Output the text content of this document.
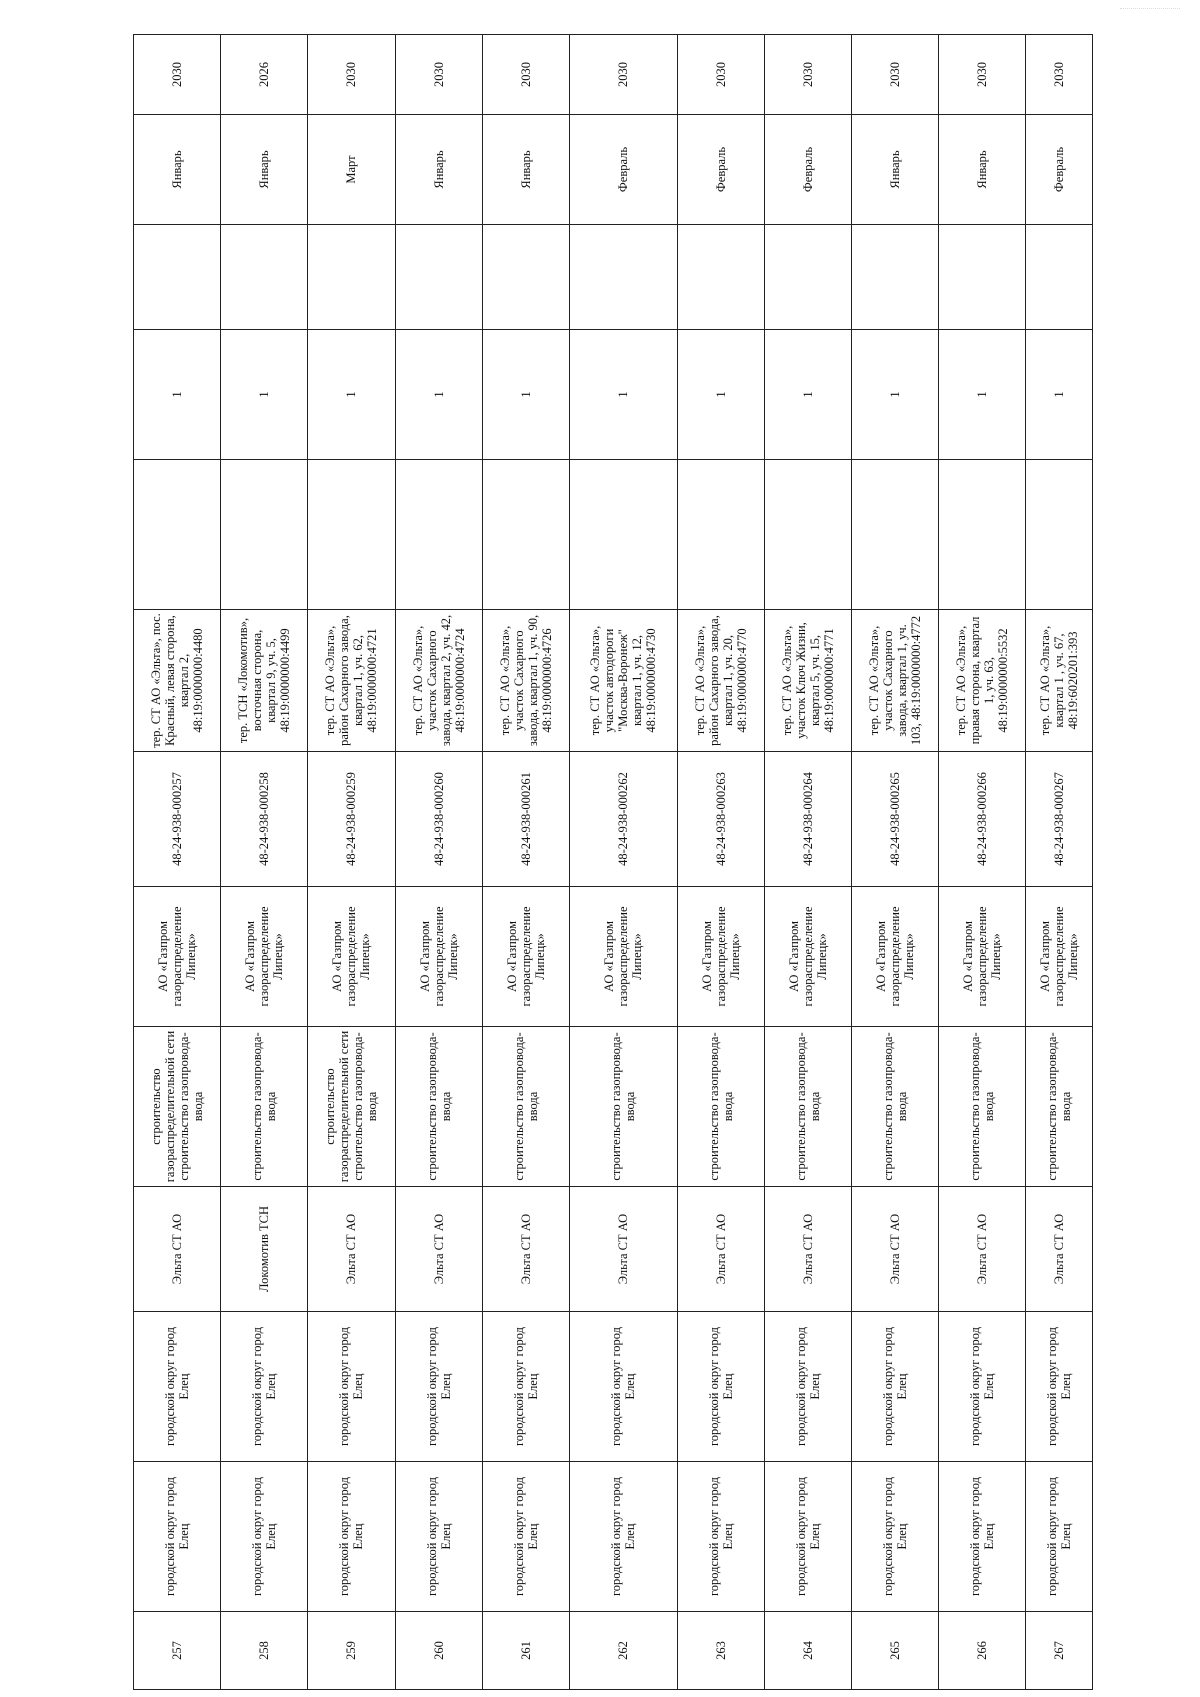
257	городской округ город Елец	городской округ город Елец	Эльта СТ АО	строительство газораспределительной сети строительство газопровода-ввода	АО «Газпром газораспределение Липецк»	48-24-938-000257	тер. СТ АО «Эльта», пос. Красный, левая сторона, квартал 2, 48:19:0000000:4480		1		Январь	2030
258	городской округ город Елец	городской округ город Елец	Локомотив ТСН	строительство газопровода-ввода	АО «Газпром газораспределение Липецк»	48-24-938-000258	тер. ТСН «Локомотив», восточная сторона, квартал 9, уч. 5, 48:19:0000000:4499		1		Январь	2026
259	городской округ город Елец	городской округ город Елец	Эльта СТ АО	строительство газораспределительной сети строительство газопровода-ввода	АО «Газпром газораспределение Липецк»	48-24-938-000259	тер. СТ АО «Эльта», район Сахарного завода, квартал 1, уч. 62, 48:19:0000000:4721		1		Март	2030
260	городской округ город Елец	городской округ город Елец	Эльта СТ АО	строительство газопровода-ввода	АО «Газпром газораспределение Липецк»	48-24-938-000260	тер. СТ АО «Эльта», участок Сахарного завода, квартал 2, уч. 42, 48:19:0000000:4724		1		Январь	2030
261	городской округ город Елец	городской округ город Елец	Эльта СТ АО	строительство газопровода-ввода	АО «Газпром газораспределение Липецк»	48-24-938-000261	тер. СТ АО «Эльта», участок Сахарного завода, квартал 1, уч. 90, 48:19:0000000:4726		1		Январь	2030
262	городской округ город Елец	городской округ город Елец	Эльта СТ АО	строительство газопровода-ввода	АО «Газпром газораспределение Липецк»	48-24-938-000262	тер. СТ АО «Эльта», участок автодороги "Москва-Воронеж" квартал 1, уч. 12, 48:19:0000000:4730		1		Февраль	2030
263	городской округ город Елец	городской округ город Елец	Эльта СТ АО	строительство газопровода-ввода	АО «Газпром газораспределение Липецк»	48-24-938-000263	тер. СТ АО «Эльта», район Сахарного завода, квартал 1, уч. 20, 48:19:0000000:4770		1		Февраль	2030
264	городской округ город Елец	городской округ город Елец	Эльта СТ АО	строительство газопровода-ввода	АО «Газпром газораспределение Липецк»	48-24-938-000264	тер. СТ АО «Эльта», участок Ключ Жизни, квартал 5, уч. 15, 48:19:0000000:4771		1		Февраль	2030
265	городской округ город Елец	городской округ город Елец	Эльта СТ АО	строительство газопровода-ввода	АО «Газпром газораспределение Липецк»	48-24-938-000265	тер. СТ АО «Эльта», участок Сахарного завода, квартал 1, уч. 103, 48:19:0000000:4772		1		Январь	2030
266	городской округ город Елец	городской округ город Елец	Эльта СТ АО	строительство газопровода-ввода	АО «Газпром газораспределение Липецк»	48-24-938-000266	тер. СТ АО «Эльта», правая сторона, квартал 1, уч. 63, 48:19:0000000:5532		1		Январь	2030
267	городской округ город Елец	городской округ город Елец	Эльта СТ АО	строительство газопровода-ввода	АО «Газпром газораспределение Липецк»	48-24-938-000267	тер. СТ АО «Эльта», квартал 1 , уч. 67, 48:19:6020201:393		1		Февраль	2030
